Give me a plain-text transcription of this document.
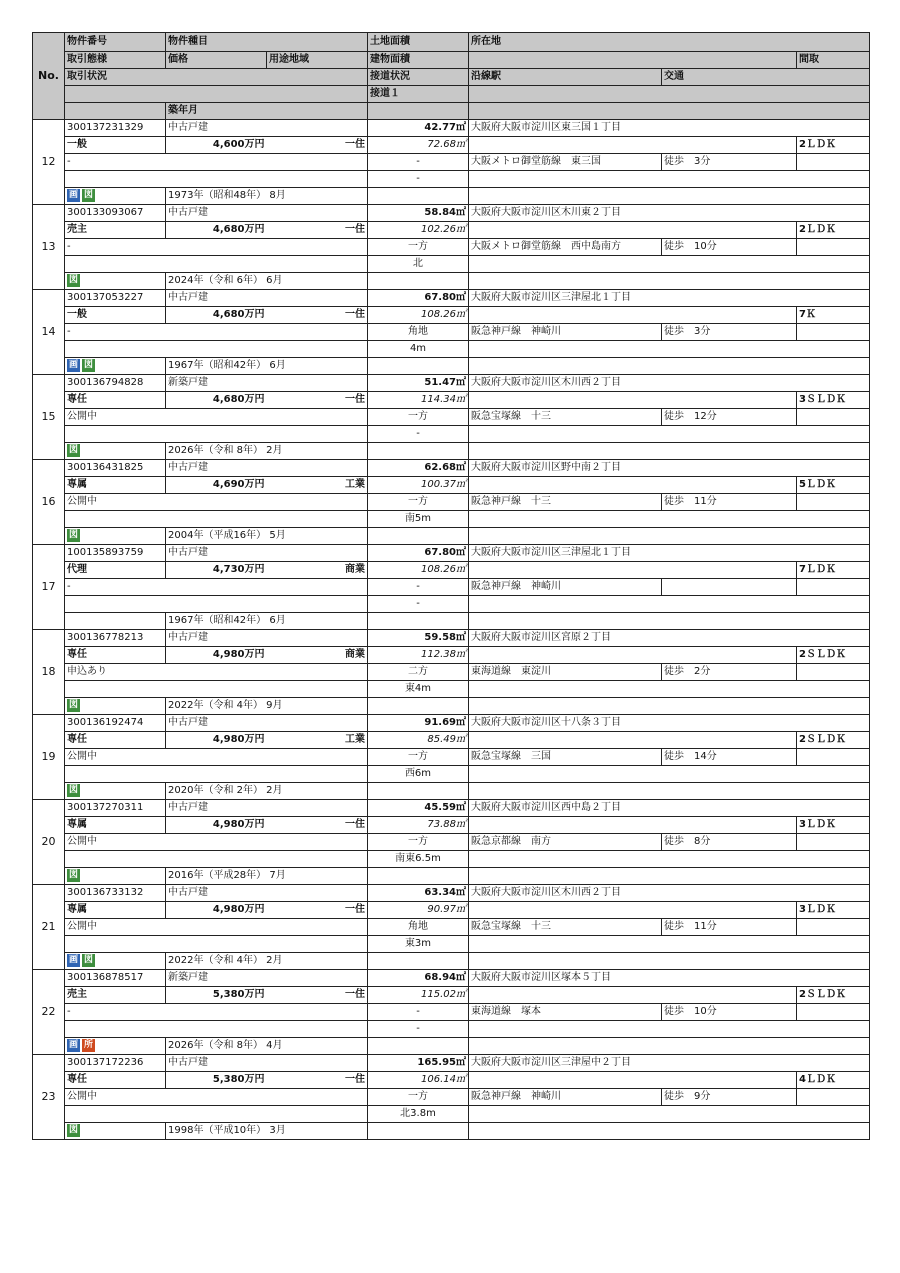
No.	物件番号	物件種目		土地面積	所在地		
	取引態様	価格	用途地域	建物面積			間取
	取引状況			接道状況	沿線駅	交通	
				接道１			
		築年月					
12	300137231329	中古戸建		42.77㎡	大阪府大阪市淀川区東三国１丁目		
	一般	4,600万円	一住	72.68㎡			2ＬＤＫ
	-			-	大阪メトロ御堂筋線　東三国	徒歩　3分	
				-			
	画 図	1973年（昭和48年） 8月					
13	300133093067	中古戸建		58.84㎡	大阪府大阪市淀川区木川東２丁目		
	売主	4,680万円	一住	102.26㎡			2ＬＤＫ
	-			一方	大阪メトロ御堂筋線　西中島南方	徒歩　10分	
				北			
	図	2024年（令和 6年） 6月					
14	300137053227	中古戸建		67.80㎡	大阪府大阪市淀川区三津屋北１丁目		
	一般	4,680万円	一住	108.26㎡			7Ｋ
	-			角地	阪急神戸線　神崎川	徒歩　3分	
				4m			
	画 図	1967年（昭和42年） 6月					
15	300136794828	新築戸建		51.47㎡	大阪府大阪市淀川区木川西２丁目		
	専任	4,680万円	一住	114.34㎡			3ＳＬＤＫ
	公開中			一方	阪急宝塚線　十三	徒歩　12分	
				-			
	図	2026年（令和 8年） 2月					
16	300136431825	中古戸建		62.68㎡	大阪府大阪市淀川区野中南２丁目		
	専属	4,690万円	工業	100.37㎡			5ＬＤＫ
	公開中			一方	阪急神戸線　十三	徒歩　11分	
				南5m			
	図	2004年（平成16年） 5月					
17	100135893759	中古戸建		67.80㎡	大阪府大阪市淀川区三津屋北１丁目		
	代理	4,730万円	商業	108.26㎡			7ＬＤＫ
	-			-	阪急神戸線　神崎川		
				-			
		1967年（昭和42年） 6月					
18	300136778213	中古戸建		59.58㎡	大阪府大阪市淀川区宮原２丁目		
	専任	4,980万円	商業	112.38㎡			2ＳＬＤＫ
	申込あり			二方	東海道線　東淀川	徒歩　2分	
				東4m			
	図	2022年（令和 4年） 9月					
19	300136192474	中古戸建		91.69㎡	大阪府大阪市淀川区十八条３丁目		
	専任	4,980万円	工業	85.49㎡			2ＳＬＤＫ
	公開中			一方	阪急宝塚線　三国	徒歩　14分	
				西6m			
	図	2020年（令和 2年） 2月					
20	300137270311	中古戸建		45.59㎡	大阪府大阪市淀川区西中島２丁目		
	専属	4,980万円	一住	73.88㎡			3ＬＤＫ
	公開中			一方	阪急京都線　南方	徒歩　8分	
				南東6.5m			
	図	2016年（平成28年） 7月					
21	300136733132	中古戸建		63.34㎡	大阪府大阪市淀川区木川西２丁目		
	専属	4,980万円	一住	90.97㎡			3ＬＤＫ
	公開中			角地	阪急宝塚線　十三	徒歩　11分	
				東3m			
	画 図	2022年（令和 4年） 2月					
22	300136878517	新築戸建		68.94㎡	大阪府大阪市淀川区塚本５丁目		
	売主	5,380万円	一住	115.02㎡			2ＳＬＤＫ
	-			-	東海道線　塚本	徒歩　10分	
				-			
	画 所	2026年（令和 8年） 4月					
23	300137172236	中古戸建		165.95㎡	大阪府大阪市淀川区三津屋中２丁目		
	専任	5,380万円	一住	106.14㎡			4ＬＤＫ
	公開中			一方	阪急神戸線　神崎川	徒歩　9分	
				北3.8m			
	図	1998年（平成10年） 3月					
